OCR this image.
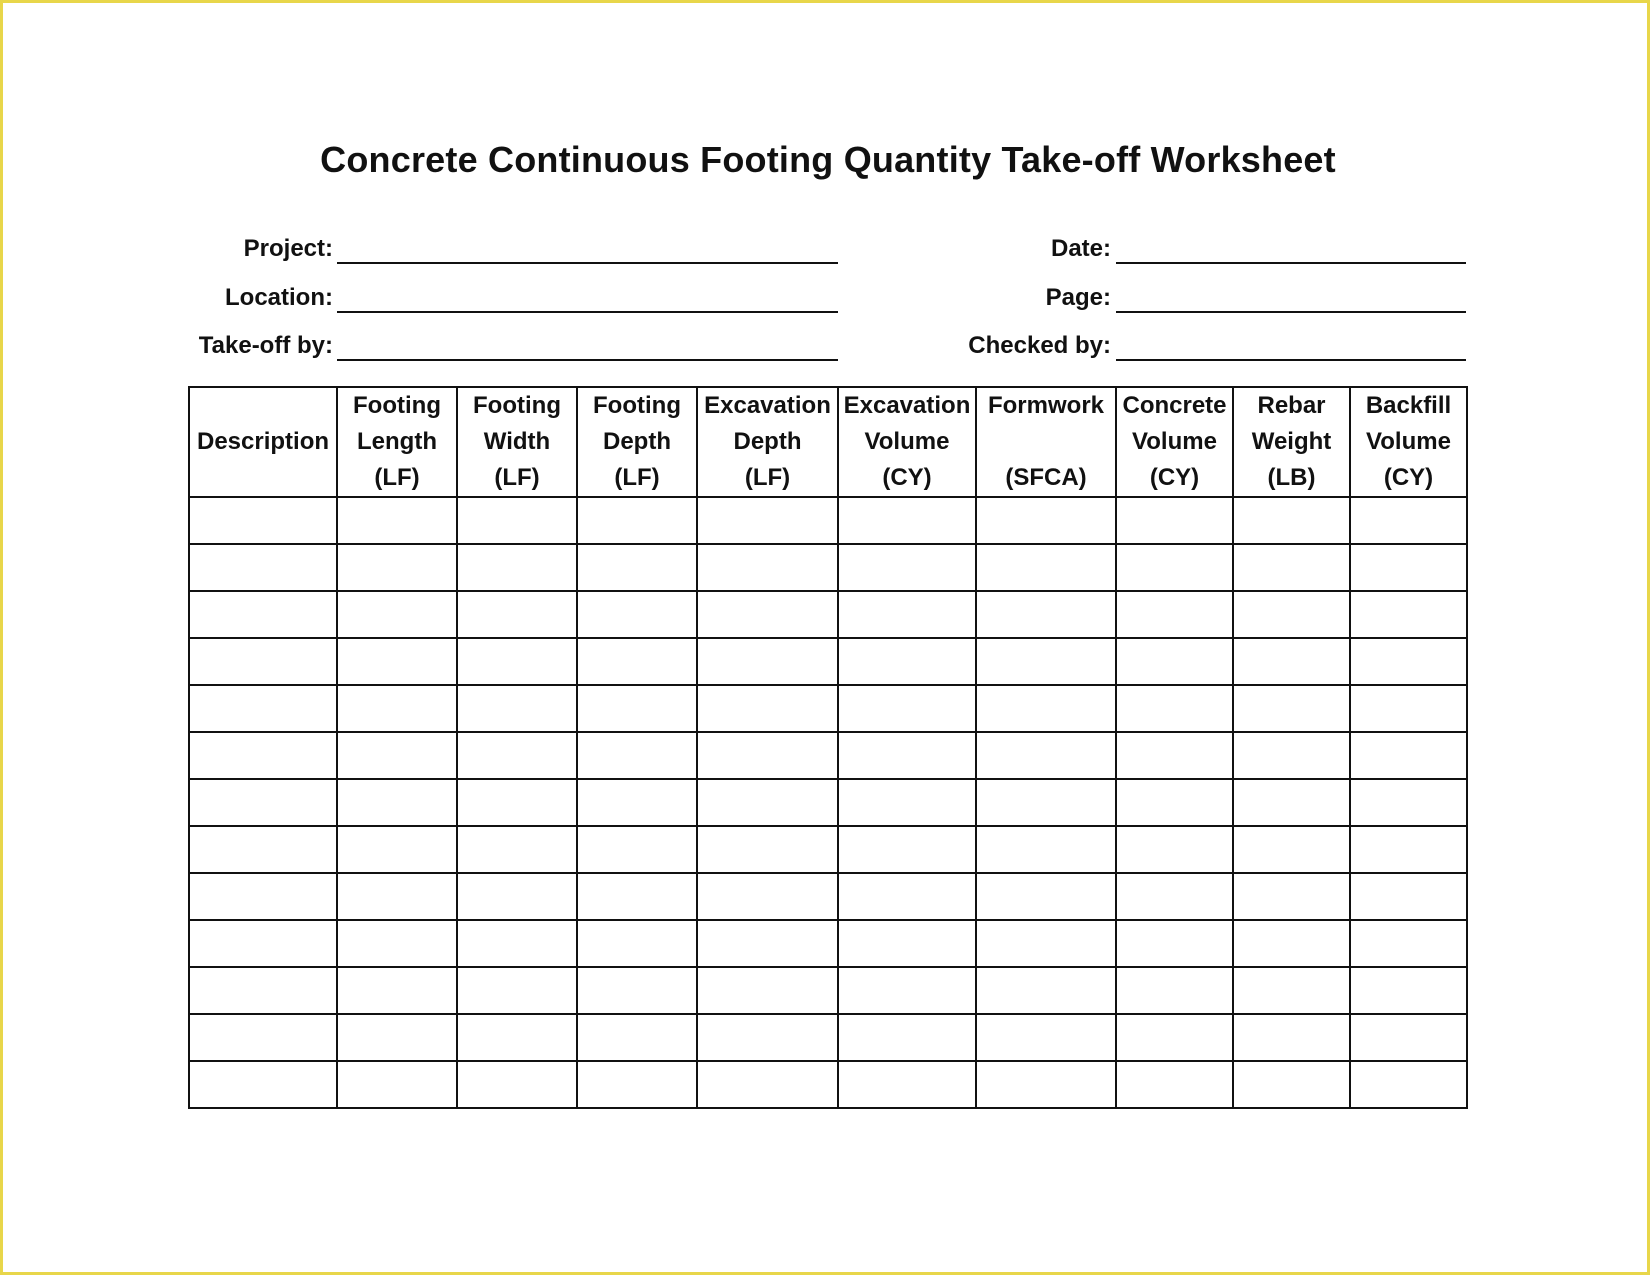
Concrete Continuous Footing Quantity Take-off Worksheet
Project:
Location:
Take-off by:
Date:
Page:
Checked by:
Description	Footing
Length
(LF)	Footing
Width
(LF)	Footing
Depth
(LF)	Excavation
Depth
(LF)	Excavation
Volume
(CY)	Formwork

(SFCA)	Concrete
Volume
(CY)	Rebar
Weight
(LB)	Backfill
Volume
(CY)
